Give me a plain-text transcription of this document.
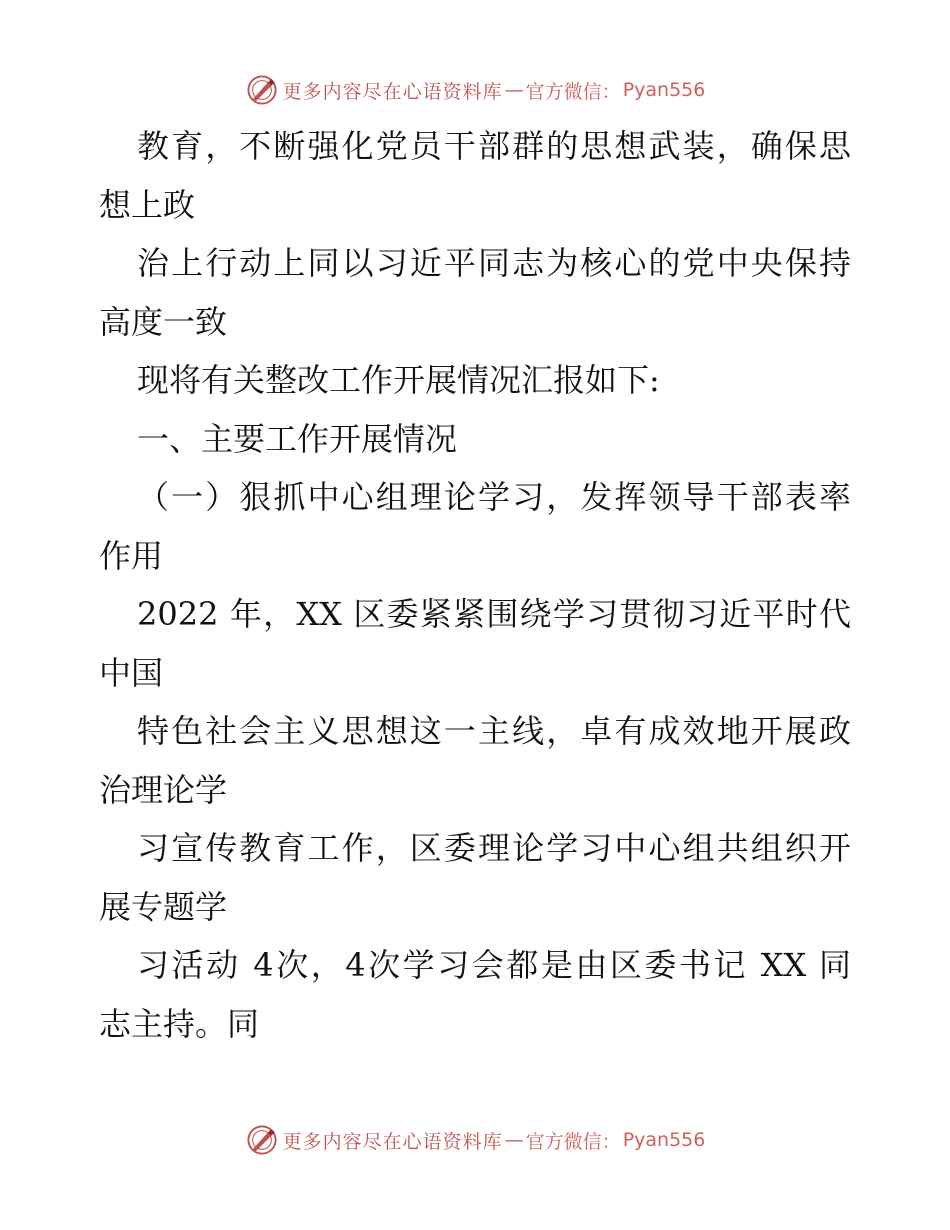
更多内容尽在心语资料库 — 官方微信： Pyan556
教育，不断强化党员干部群的思想武装，确保思
想上政
治上行动上同以习近平同志为核心的党中央保持
高度一致
现将有关整改工作开展情况汇报如下:
一、主要工作开展情况
（一）狠抓中心组理论学习，发挥领导干部表率
作用
2022 年，XX 区委紧紧围绕学习贯彻习近平时代
中国
特色社会主义思想这一主线，卓有成效地开展政
治理论学
习宣传教育工作，区委理论学习中心组共组织开
展专题学
习活动 4次，4次学习会都是由区委书记 XX 同
志主持。同
更多内容尽在心语资料库 — 官方微信： Pyan556
